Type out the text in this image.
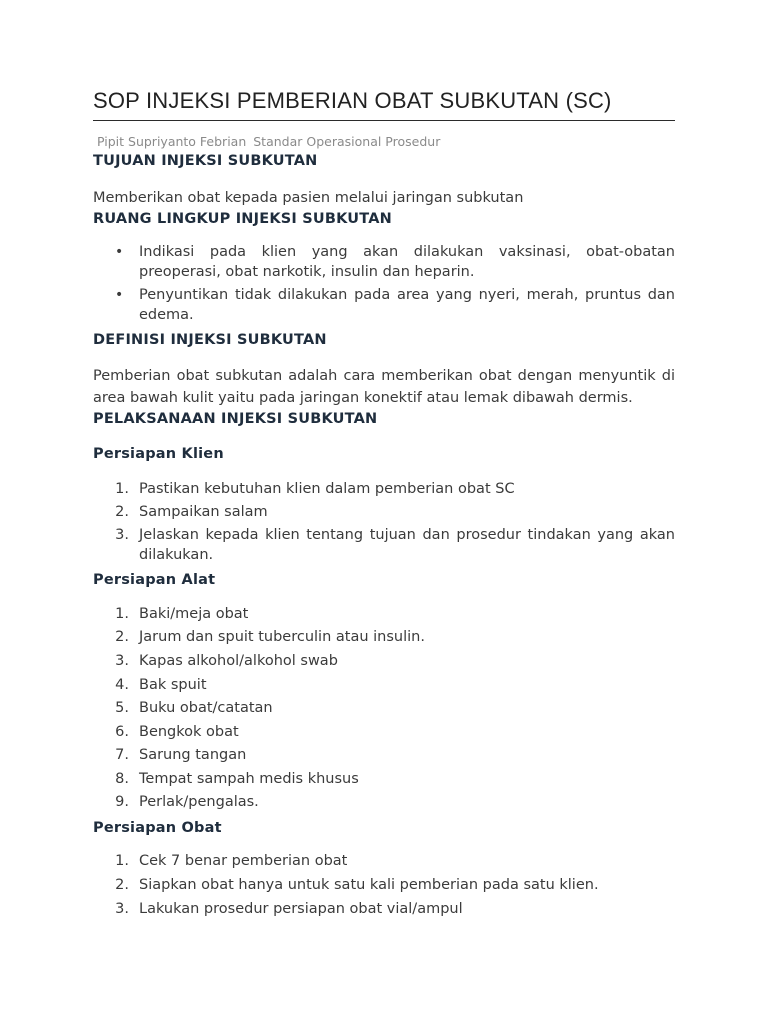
SOP INJEKSI PEMBERIAN OBAT SUBKUTAN (SC)
Pipit Supriyanto Febrian Standar Operasional Prosedur
TUJUAN INJEKSI SUBKUTAN
Memberikan obat kepada pasien melalui jaringan subkutan
RUANG LINGKUP INJEKSI SUBKUTAN
• Indikasi pada klien yang akan dilakukan vaksinasi, obat-obatan preoperasi, obat narkotik, insulin dan heparin.
• Penyuntikan tidak dilakukan pada area yang nyeri, merah, pruntus dan edema.
DEFINISI INJEKSI SUBKUTAN
Pemberian obat subkutan adalah cara memberikan obat dengan menyuntik di area bawah kulit yaitu pada jaringan konektif atau lemak dibawah dermis.
PELAKSANAAN INJEKSI SUBKUTAN
Persiapan Klien
1. Pastikan kebutuhan klien dalam pemberian obat SC
2. Sampaikan salam
3. Jelaskan kepada klien tentang tujuan dan prosedur tindakan yang akan dilakukan.
Persiapan Alat
1. Baki/meja obat
2. Jarum dan spuit tuberculin atau insulin.
3. Kapas alkohol/alkohol swab
4. Bak spuit
5. Buku obat/catatan
6. Bengkok obat
7. Sarung tangan
8. Tempat sampah medis khusus
9. Perlak/pengalas.
Persiapan Obat
1. Cek 7 benar pemberian obat
2. Siapkan obat hanya untuk satu kali pemberian pada satu klien.
3. Lakukan prosedur persiapan obat vial/ampul
